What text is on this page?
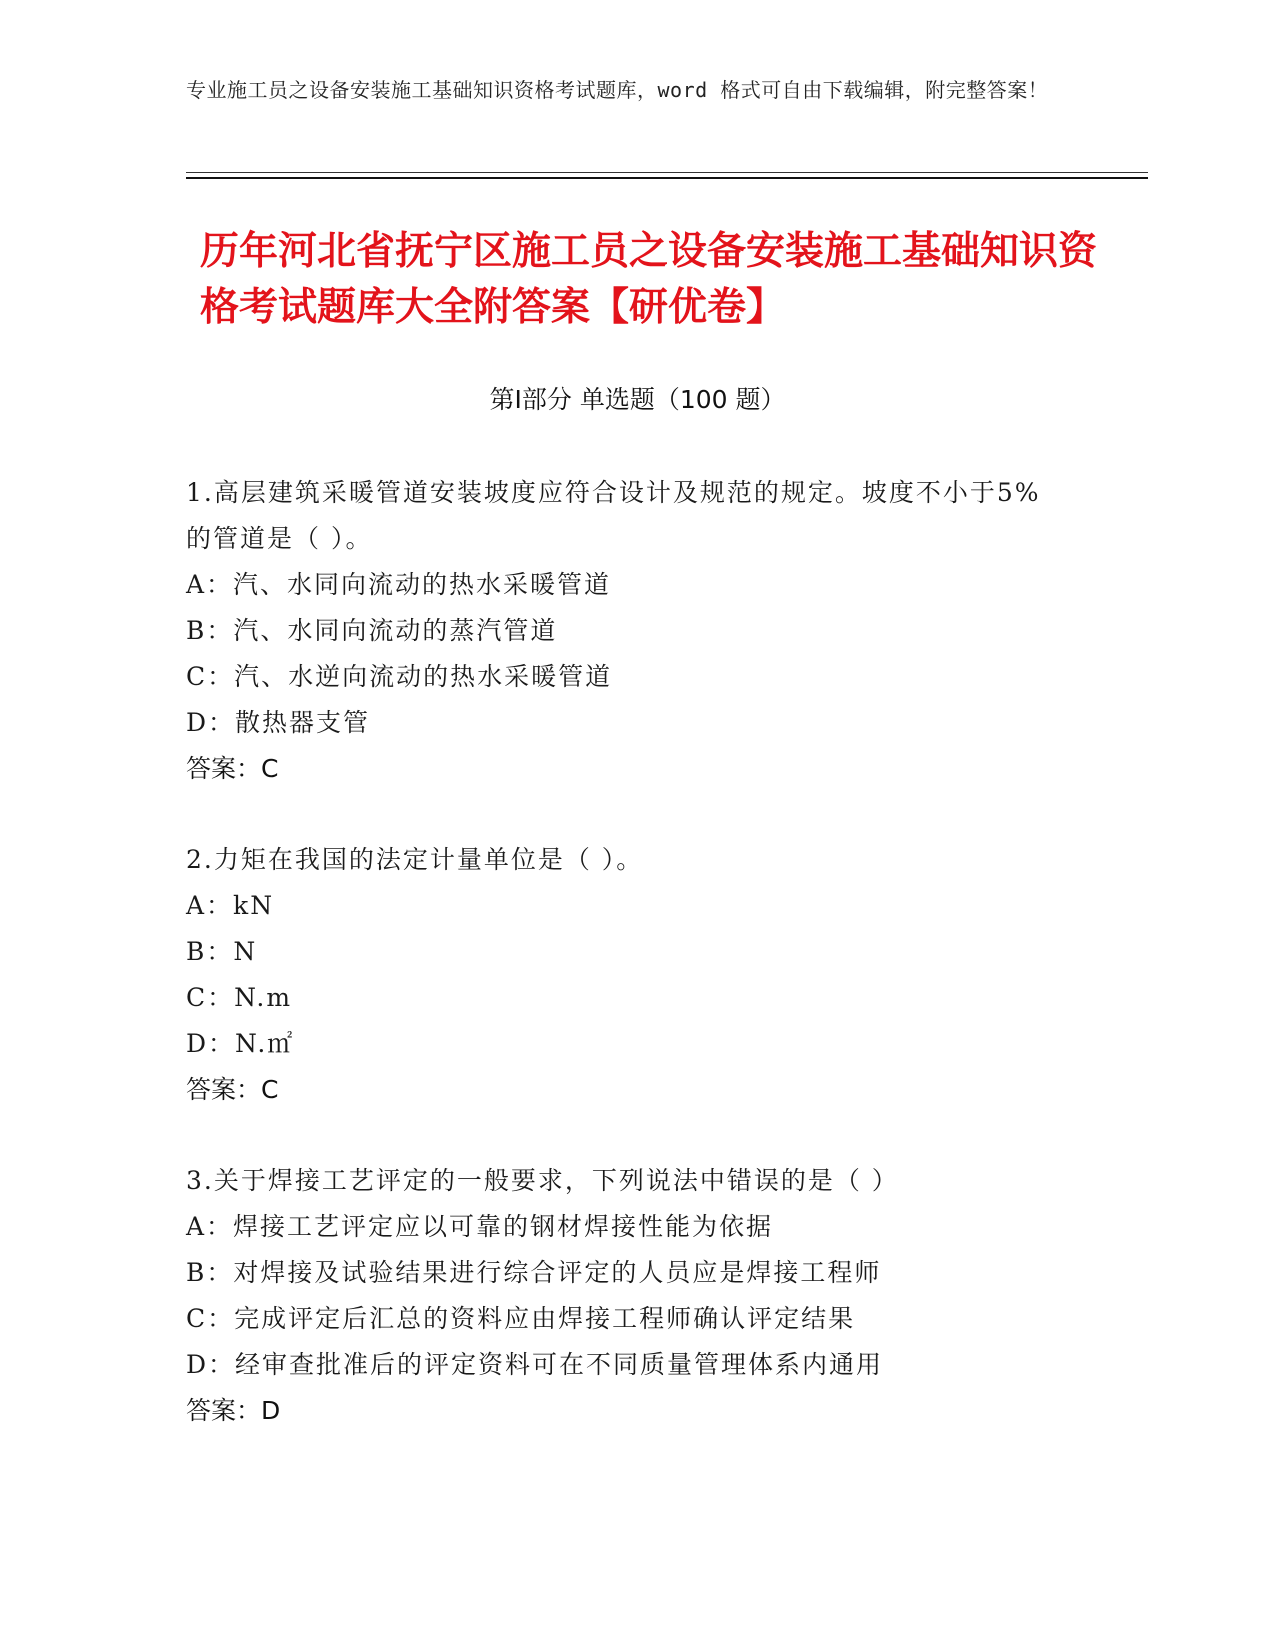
专业施工员之设备安装施工基础知识资格考试题库，word 格式可自由下载编辑，附完整答案！
历年河北省抚宁区施工员之设备安装施工基础知识资格考试题库大全附答案【研优卷】
第Ⅰ部分 单选题（100 题）
1.高层建筑采暖管道安装坡度应符合设计及规范的规定。坡度不小于5%的管道是（ ）。
A：汽、水同向流动的热水采暖管道
B：汽、水同向流动的蒸汽管道
C：汽、水逆向流动的热水采暖管道
D：散热器支管
答案：C
2.力矩在我国的法定计量单位是（ ）。
A：kN
B：N
C：N.m
D：N.㎡
答案：C
3.关于焊接工艺评定的一般要求，下列说法中错误的是（ ）
A：焊接工艺评定应以可靠的钢材焊接性能为依据
B：对焊接及试验结果进行综合评定的人员应是焊接工程师
C：完成评定后汇总的资料应由焊接工程师确认评定结果
D：经审查批准后的评定资料可在不同质量管理体系内通用
答案：D
